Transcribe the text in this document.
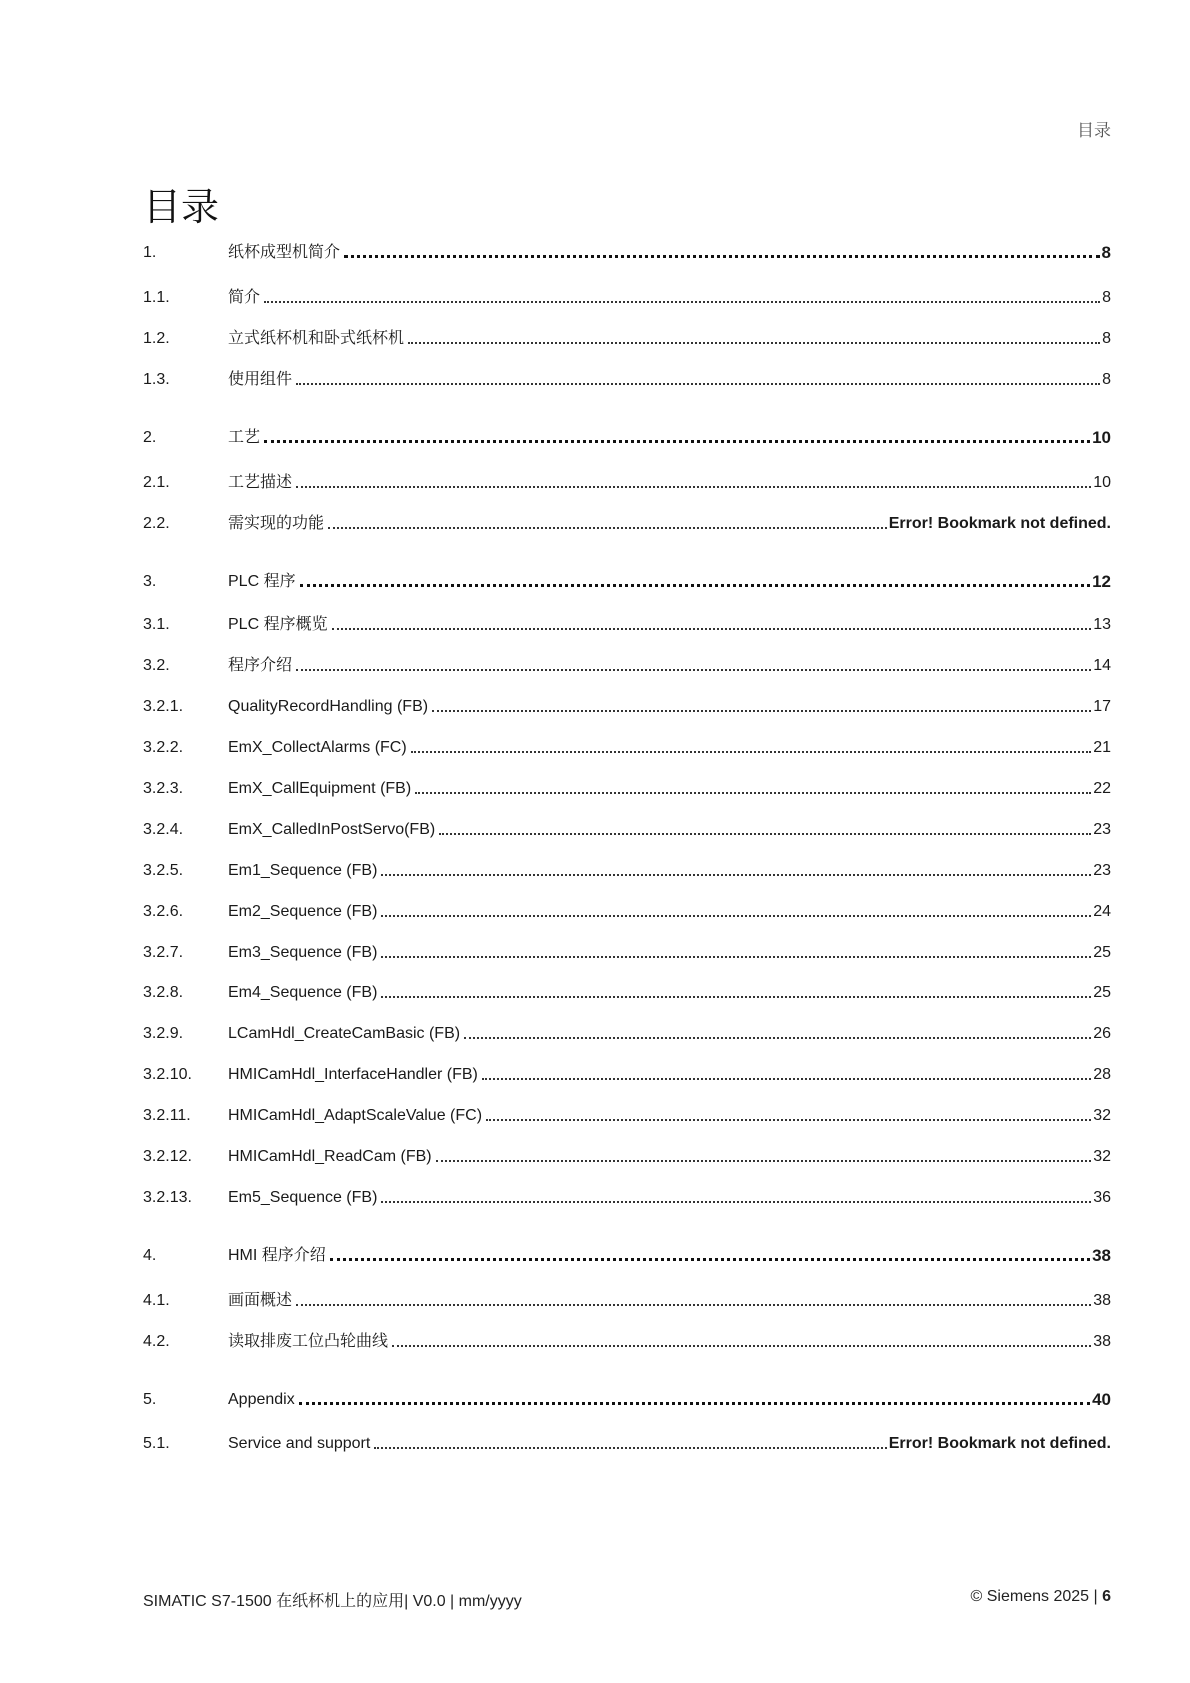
目录
目录
1.	纸杯成型机简介	8
1.1.	简介	8
1.2.	立式纸杯机和卧式纸杯机	8
1.3.	使用组件	8
2.	工艺	10
2.1.	工艺描述	10
2.2.	需实现的功能	Error! Bookmark not defined.
3.	PLC 程序	12
3.1.	PLC 程序概览	13
3.2.	程序介绍	14
3.2.1.	QualityRecordHandling (FB)	17
3.2.2.	EmX_CollectAlarms (FC)	21
3.2.3.	EmX_CallEquipment (FB)	22
3.2.4.	EmX_CalledInPostServo(FB)	23
3.2.5.	Em1_Sequence (FB)	23
3.2.6.	Em2_Sequence (FB)	24
3.2.7.	Em3_Sequence (FB)	25
3.2.8.	Em4_Sequence (FB)	25
3.2.9.	LCamHdl_CreateCamBasic (FB)	26
3.2.10.	HMICamHdl_InterfaceHandler (FB)	28
3.2.11.	HMICamHdl_AdaptScaleValue (FC)	32
3.2.12.	HMICamHdl_ReadCam (FB)	32
3.2.13.	Em5_Sequence (FB)	36
4.	HMI 程序介绍	38
4.1.	画面概述	38
4.2.	读取排废工位凸轮曲线	38
5.	Appendix	40
5.1.	Service and support	Error! Bookmark not defined.
SIMATIC S7-1500 在纸杯机上的应用| V0.0 | mm/yyyy	© Siemens 2025 | 6
